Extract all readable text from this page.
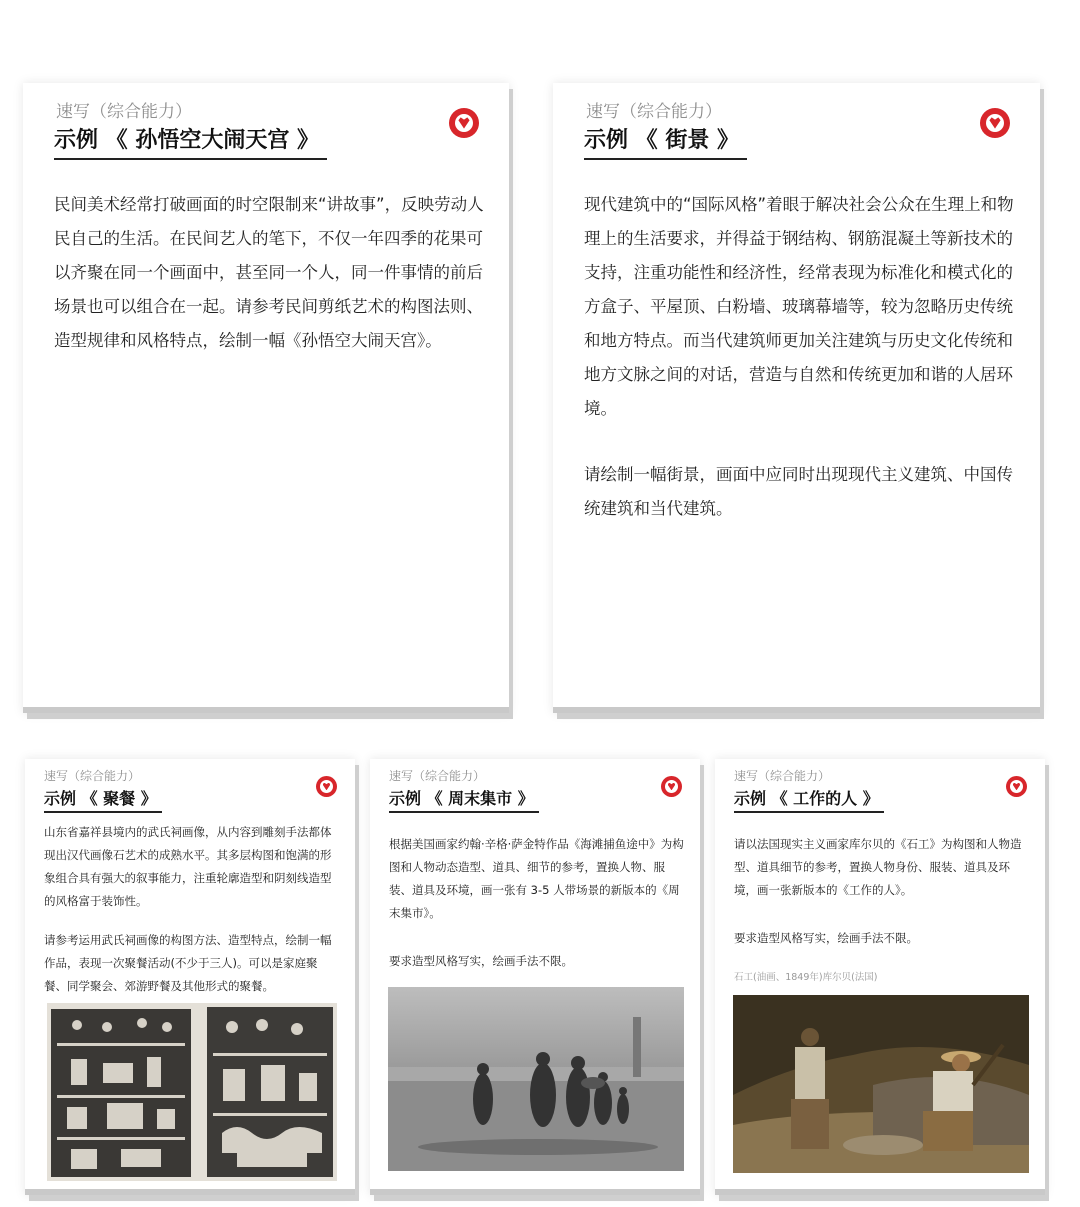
速写（综合能力）
示例 《 孙悟空大闹天宫 》

民间美术经常打破画面的时空限制来“讲故事”，反映劳动人民自己的生活。在民间艺人的笔下，不仅一年四季的花果可以齐聚在同一个画面中，甚至同一个人，同一件事情的前后场景也可以组合在一起。请参考民间剪纸艺术的构图法则、造型规律和风格特点，绘制一幅《孙悟空大闹天宫》。

速写（综合能力）
示例 《 街景 》

现代建筑中的“国际风格”着眼于解决社会公众在生理上和物理上的生活要求，并得益于钢结构、钢筋混凝土等新技术的支持，注重功能性和经济性，经常表现为标准化和模式化的方盒子、平屋顶、白粉墙、玻璃幕墙等，较为忽略历史传统和地方特点。而当代建筑师更加关注建筑与历史文化传统和地方文脉之间的对话，营造与自然和传统更加和谐的人居环境。

请绘制一幅街景，画面中应同时出现现代主义建筑、中国传统建筑和当代建筑。

速写（综合能力）
示例 《 聚餐 》

山东省嘉祥县境内的武氏祠画像，从内容到雕刻手法都体现出汉代画像石艺术的成熟水平。其多层构图和饱满的形象组合具有强大的叙事能力，注重轮廓造型和阴刻线造型的风格富于装饰性。

请参考运用武氏祠画像的构图方法、造型特点，绘制一幅作品，表现一次聚餐活动(不少于三人)。可以是家庭聚餐、同学聚会、郊游野餐及其他形式的聚餐。

速写（综合能力）
示例 《 周末集市 》

根据美国画家约翰·辛格·萨金特作品《海滩捕鱼途中》为构图和人物动态造型、道具、细节的参考，置换人物、服装、道具及环境，画一张有 3-5 人带场景的新版本的《周末集市》。

要求造型风格写实，绘画手法不限。

速写（综合能力）
示例 《 工作的人 》

请以法国现实主义画家库尔贝的《石工》为构图和人物造型、道具细节的参考，置换人物身份、服装、道具及环境，画一张新版本的《工作的人》。

要求造型风格写实，绘画手法不限。

石工(油画、1849年)库尔贝(法国)
